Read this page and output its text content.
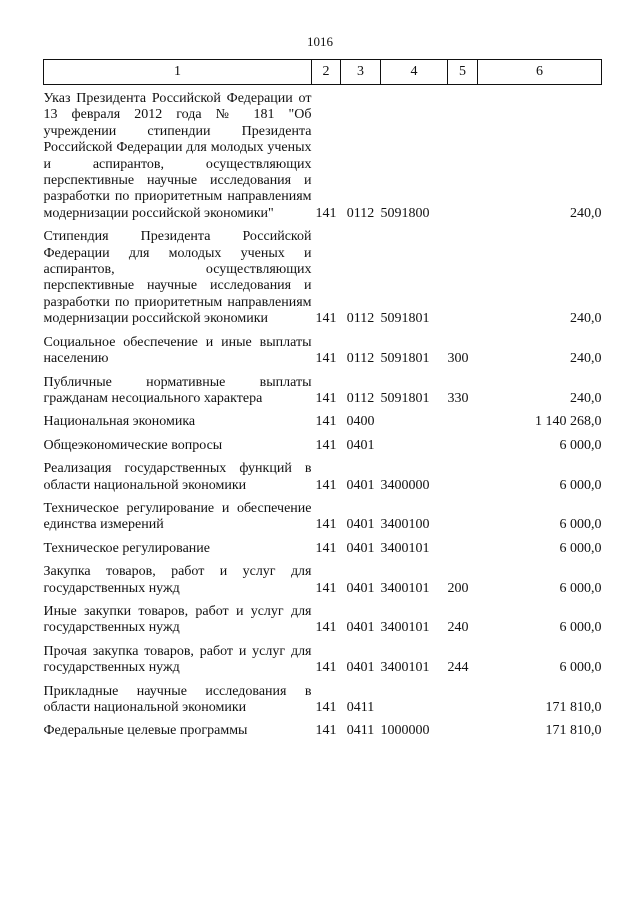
1016
1	2	3	4	5	6
Указ Президента Российской Федерации от 13 февраля 2012 года № 181 "Об учреждении стипендии Президента Российской Федерации для молодых ученых и аспирантов, осуществляющих перспективные научные исследования и разработки по приоритетным направлениям модернизации российской экономики"	141	0112	5091800		240,0
Стипендия Президента Российской Федерации для молодых ученых и аспирантов, осуществляющих перспективные научные исследования и разработки по приоритетным направлениям модернизации российской экономики	141	0112	5091801		240,0
Социальное обеспечение и иные выплаты населению	141	0112	5091801	300	240,0
Публичные нормативные выплаты гражданам несоциального характера	141	0112	5091801	330	240,0
Национальная экономика	141	0400			1 140 268,0
Общеэкономические вопросы	141	0401			6 000,0
Реализация государственных функций в области национальной экономики	141	0401	3400000		6 000,0
Техническое регулирование и обеспечение единства измерений	141	0401	3400100		6 000,0
Техническое регулирование	141	0401	3400101		6 000,0
Закупка товаров, работ и услуг для государственных нужд	141	0401	3400101	200	6 000,0
Иные закупки товаров, работ и услуг для государственных нужд	141	0401	3400101	240	6 000,0
Прочая закупка товаров, работ и услуг для государственных нужд	141	0401	3400101	244	6 000,0
Прикладные научные исследования в области национальной экономики	141	0411			171 810,0
Федеральные целевые программы	141	0411	1000000		171 810,0
